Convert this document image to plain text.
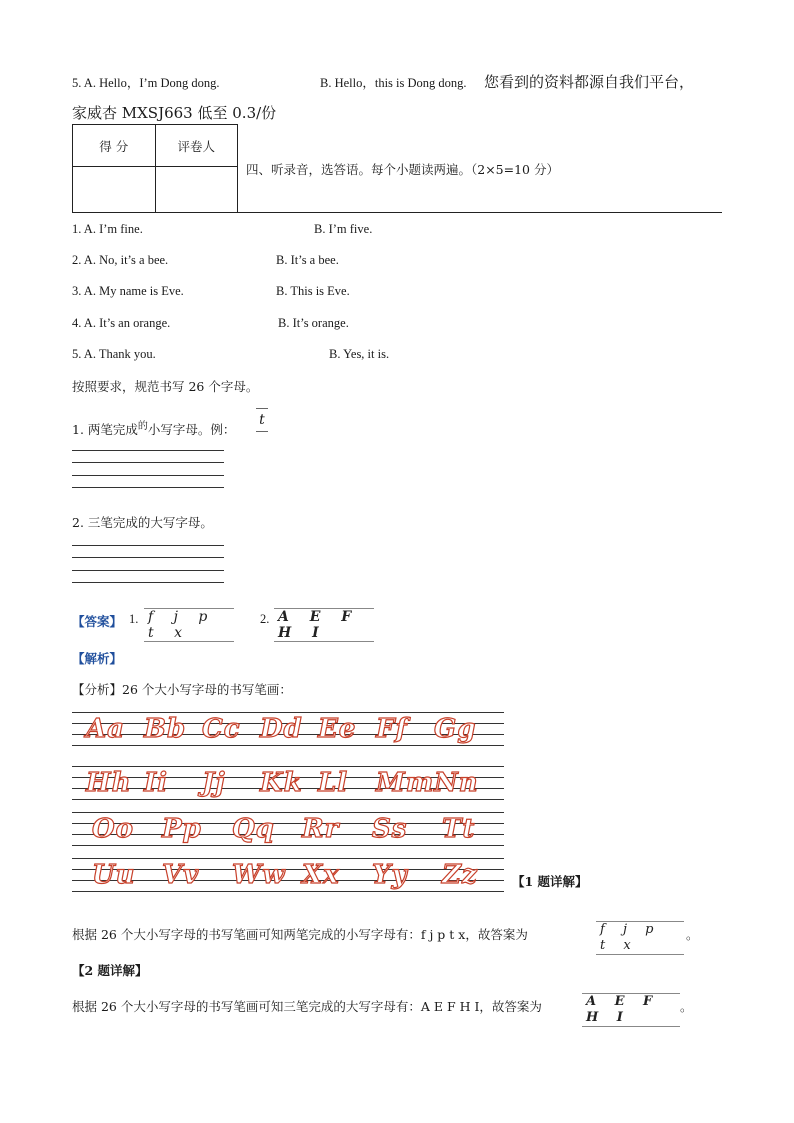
5. A. Hello，I’m Dong dong.	B. Hello，this is Dong dong. 您看到的资料都源自我们平台，
家威杏 MXSJ663 低至 0.3/份
得 分	评卷人

四、听录音，选答语。每个小题读两遍。（2×5=10 分）
1. A. I’m fine.	B. I’m five.
2. A. No, it’s a bee.	B. It’s a bee.
3. A. My name is Eve.	B. This is Eve.
4. A. It’s an orange.	B. It’s orange.
5. A. Thank you.	B. Yes, it is.
按照要求，规范书写 26 个字母。
1. 两笔完成$^的$小写字母。例：
t
2. 三笔完成的大写字母。
【答案】 1. f j p t x
2. A E F H I
【解析】
【分析】26 个大小写字母的书写笔画：
Aa Bb Cc Dd Ee Ff Gg
Hh Ii Jj Kk Ll Mm Nn
Oo Pp Qq Rr Ss Tt
Uu Vv Ww Xx Yy Zz	【1 题详解】
根据 26 个大小写字母的书写笔画可知两笔完成的小写字母有：f j p t x，故答案为	f j p t x
。
【2 题详解】
根据 26 个大小写字母的书写笔画可知三笔完成的大写字母有：A E F H I，故答案为	A E F H I
。
